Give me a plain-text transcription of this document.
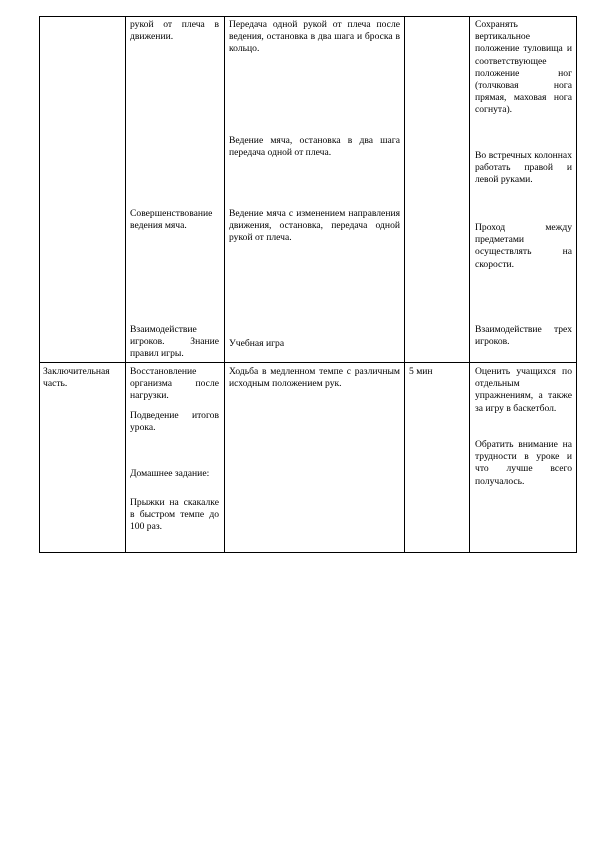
рукой от плеча в движении.

Совершенствование ведения мяча.

Взаимодействие игроков. Знание правил игры.

Передача одной рукой от плеча после ведения, остановка в два шага и броска в кольцо.

Ведение мяча, остановка в два шага передача одной от плеча.

Ведение мяча с изменением направления движения, остановка, передача одной рукой от плеча.

Учебная игра

Сохранять вертикальное положение туловища и соответствующее положение ног (толчковая нога прямая, маховая нога согнута).

Во встречных колоннах работать правой и левой руками.

Проход между предметами осуществлять на скорости.

Взаимодействие трех игроков.

Заключительная часть.

Восстановление организма после нагрузки.

Подведение итогов урока.

Домашнее задание:

Прыжки на скакалке в быстром темпе до 100 раз.

Ходьба в медленном темпе с различным исходным положением рук.

5 мин	Оценить учащихся по отдельным упражнениям, а также за игру в баскетбол.

Обратить внимание на трудности в уроке и что лучше всего получалось.
